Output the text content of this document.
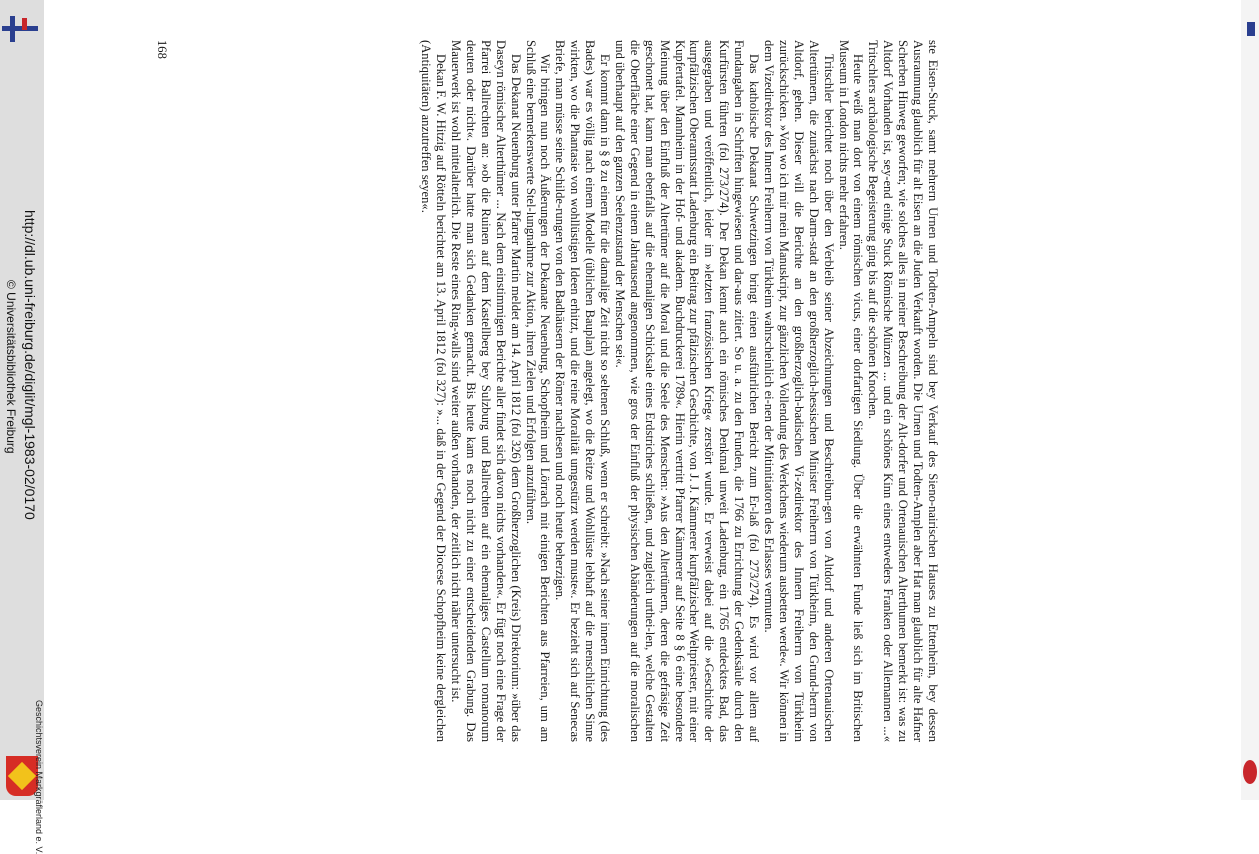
http://dl.ub.uni-freiburg.de/diglit/mgl-1983-02/0170
© Universitätsbibliothek Freiburg
Geschichtsverein Markgräflerland e. V.

ste Eisen-Stuck, samt mehrern Urnen und Todten-Ampeln sind bey Verkauf des Sieno-nairischen Hauses zu Ettenheim, bey dessen Ausraumung glaublich für alt Eisen an die Juden Verkauft worden. Die Urnen und Todten-Amplen aber Hat man glaublich für alte Hafner Scherben Hinweg geworfen; wie solches alles in meiner Beschreibung der Alt-dorfer und Ortenauischen Alterthumen bemerkt ist: was zu Altdorf Vorhanden ist, sey-end einige Stuck Römische Münzen ... und ein schönes Kinn eines entweders Franken oder Allemannen ...« Tritschlers archäologische Begeisterung ging bis auf die schönen Knochen.

Heute weiß man dort von einem römischen vicus, einer dorfartigen Siedlung. Über die erwähnten Funde ließ sich im Britischen Museum in London nichts mehr erfahren.

Tritschler berichtet noch über den Verbleib seiner Abzeichnungen und Beschreibun-gen von Altdorf und anderen Ortenauischen Altertümern, die zunächst nach Darm-stadt an den großherzoglich-hessischen Minister Freiherrn von Türkheim, den Grund-herrn von Altdorf, gehen. Dieser will die Berichte an den großherzoglich-badischen Vi-zedirektor des Innern Freiherrn von Türkheim zurückschicken. »Von wo ich mir mein Manuskript, zur gänzlichen Vollendung des Werkchens wiederum ausbetten werde«. Wir können in dem Vizedirektor des Innern Freiherrn von Türkheim wahrscheinlich ei-nen der Mitinitiatoren des Erlasses vermuten.

Das katholische Dekanat Schwetzingen bringt einen ausführlichen Bericht zum Er-laß (fol 273/274). Es wird vor allem auf Fundangaben in Schriften hingewiesen und dar-aus zitiert. So u. a. zu den Funden, die 1766 zu Errichtung der Gedenksäule durch den Kurfürsten führten (fol 273/274). Der Dekan kennt auch ein römisches Denkmal unweit Ladenburg, ein 1765 entdecktes Bad, das ausgegraben und veröffentlich, leider im »letzten französischen Krieg« zerstört wurde. Er verweist dabei auf die »Geschichte der kurpfälzischen Oberamtsstatt Ladenburg ein Beitrag zur pfälzischen Geschichte, von J. J. Kämmerer kurpfälzischer Weltpriester, mit einer Kupfertafel. Mannheim in der Hof- und akadem. Buchdruckerei 1789«. Hierin vertritt Pfarrer Kämmerer auf Seite 8 § 6 eine besondere Meinung über den Einfluß der Altertümer auf die Moral und die Seele des Menschen: »Aus den Altertümern, deren die gefräsige Zeit geschonet hat, kann man ebenfalls auf die ehemaligen Schicksale eines Erdstriches schließen, und zugleich urthei-len, welche Gestalten die Oberfläche einer Gegend in einem Jahrtausend angenommen, wie gros der Einfluß der physischen Abänderungen auf die moralischen und überhaupt auf den ganzen Seelenzustand der Menschen sei«.

Er kommt dann in § 8 zu einem für die damalige Zeit nicht so seltenen Schluß, wenn er schreibt: »Nach seiner innern Einrichtung (des Bades) war es völlig nach einem Modelle (üblichen Bauplan) angelegt, wo die Reitze und Wohllüste lebhaft auf die menschlichen Sinne wirkten, wo die Phantasie von wohllüstigen Ideen erhitzt, und die reine Moralität umgestürzt werden muste«. Er bezieht sich auf Senecas Briefe, man müsse seine Schilde-rungen von den Badhäusern der Römer nachlesen und noch heute beherzigen.

Wir bringen nun noch Äußerungen der Dekanate Neuenburg, Schopfheim und Lörrach mit einigen Berichten aus Pfarreien, um am Schluß eine bemerkenswerte Stel-lungnahme zur Aktion, ihren Zielen und Erfolgen anzuführen.

Das Dekanat Neuenburg unter Pfarrer Martin meldet am 14. April 1812 (fol 326) dem Großherzoglichen (Kreis) Direktorium: »über das Daseyn römischer Alterthümer ... Nach dem einstimmigen Berichte aller findet sich davon nichts vorhanden«. Er fügt noch eine Frage der Pfarrei Ballrechten an: »ob die Ruinen auf dem Kastellberg bey Sulzburg und Ballrechten auf ein ehemaliges Castellum romanorum deuten oder nicht«. Darüber hatte man sich Gedanken gemacht. Bis heute kam es noch nicht zu einer entscheidenden Grabung. Das Mauerwerk ist wohl mittelalterlich. Die Reste eines Ring-walls sind weiter außen vorhanden, der zeitlich nicht näher untersucht ist.

Dekan F. W. Hitzig auf Rötteln berichtet am 13. April 1812 (fol 327): »... daß in der Gegend der Diocese Schopfheim keine dergleichen (Antiquitäten) anzutreffen seyen«.

168
